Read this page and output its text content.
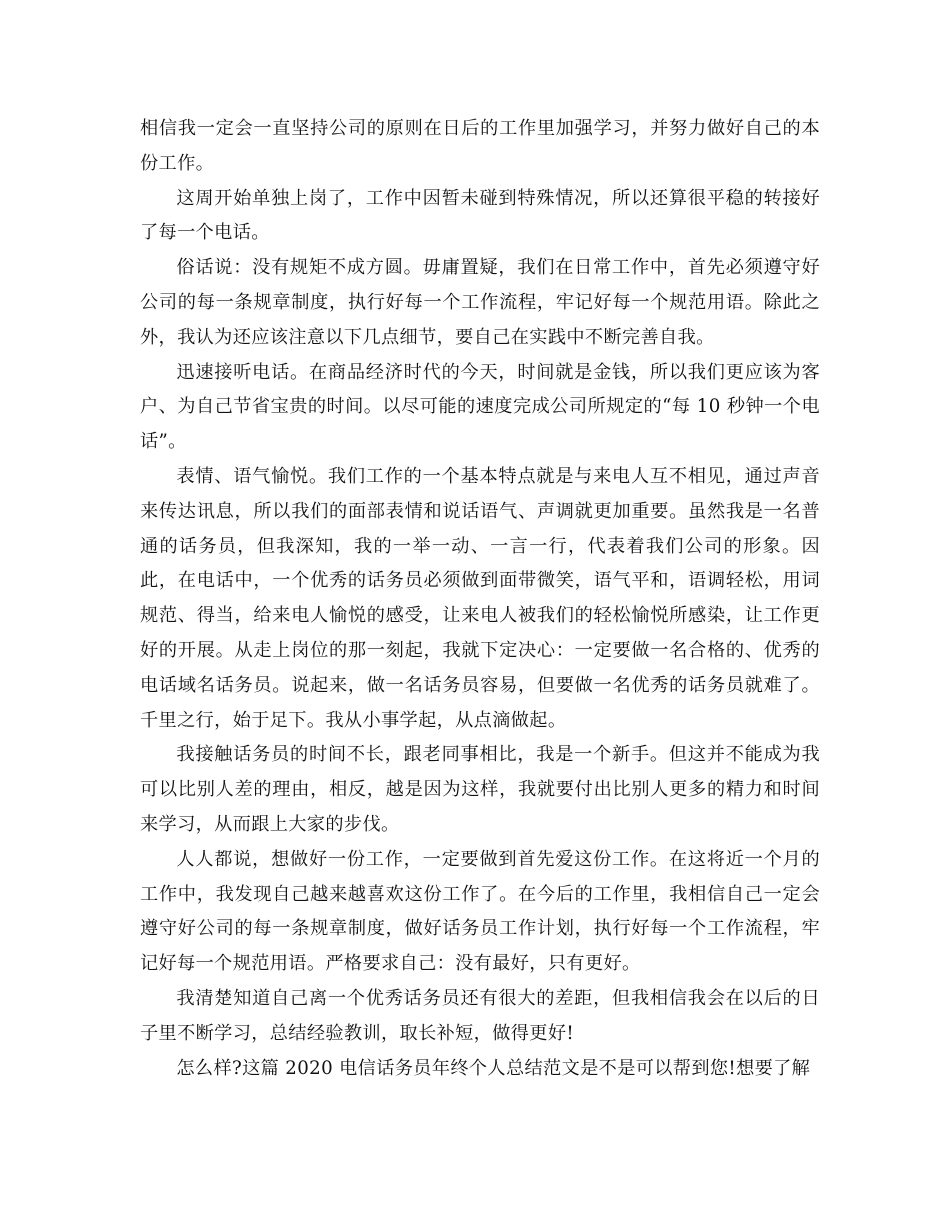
相信我一定会一直坚持公司的原则在日后的工作里加强学习，并努力做好自己的本份工作。

这周开始单独上岗了，工作中因暂未碰到特殊情况，所以还算很平稳的转接好了每一个电话。

俗话说：没有规矩不成方圆。毋庸置疑，我们在日常工作中，首先必须遵守好公司的每一条规章制度，执行好每一个工作流程，牢记好每一个规范用语。除此之外，我认为还应该注意以下几点细节，要自己在实践中不断完善自我。

迅速接听电话。在商品经济时代的今天，时间就是金钱，所以我们更应该为客户、为自己节省宝贵的时间。以尽可能的速度完成公司所规定的“每 10 秒钟一个电话”。

表情、语气愉悦。我们工作的一个基本特点就是与来电人互不相见，通过声音来传达讯息，所以我们的面部表情和说话语气、声调就更加重要。虽然我是一名普通的话务员，但我深知，我的一举一动、一言一行，代表着我们公司的形象。因此，在电话中，一个优秀的话务员必须做到面带微笑，语气平和，语调轻松，用词规范、得当，给来电人愉悦的感受，让来电人被我们的轻松愉悦所感染，让工作更好的开展。从走上岗位的那一刻起，我就下定决心：一定要做一名合格的、优秀的电话域名话务员。说起来，做一名话务员容易，但要做一名优秀的话务员就难了。千里之行，始于足下。我从小事学起，从点滴做起。

我接触话务员的时间不长，跟老同事相比，我是一个新手。但这并不能成为我可以比别人差的理由，相反，越是因为这样，我就要付出比别人更多的精力和时间来学习，从而跟上大家的步伐。

人人都说，想做好一份工作，一定要做到首先爱这份工作。在这将近一个月的工作中，我发现自己越来越喜欢这份工作了。在今后的工作里，我相信自己一定会遵守好公司的每一条规章制度，做好话务员工作计划，执行好每一个工作流程，牢记好每一个规范用语。严格要求自己：没有最好，只有更好。

我清楚知道自己离一个优秀话务员还有很大的差距，但我相信我会在以后的日子里不断学习，总结经验教训，取长补短，做得更好!

怎么样?这篇 2020 电信话务员年终个人总结范文是不是可以帮到您!想要了解
